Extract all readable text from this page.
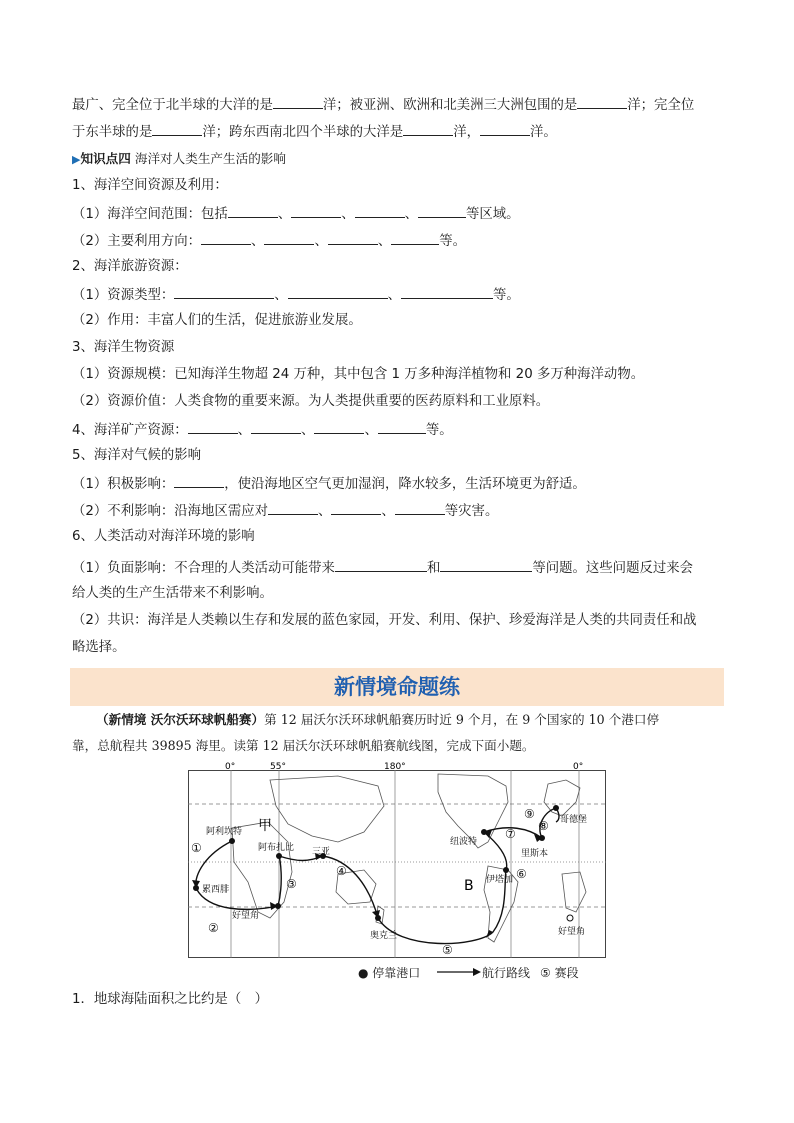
最广、完全位于北半球的大洋的是	洋；被亚洲、欧洲和北美洲三大洲包围的是	洋；完全位
于东半球的是	洋；跨东西南北四个半球的大洋是	洋，	洋。
▶知识点四 海洋对人类生产生活的影响
1、海洋空间资源及利用：
（1）海洋空间范围：包括	、	、	、	等区域。
（2）主要利用方向：	、	、	、	等。
2、海洋旅游资源：
（1）资源类型：	、	、	等。
（2）作用：丰富人们的生活，促进旅游业发展。
3、海洋生物资源
（1）资源规模：已知海洋生物超 24 万种，其中包含 1 万多种海洋植物和 20 多万种海洋动物。
（2）资源价值：人类食物的重要来源。为人类提供重要的医药原料和工业原料。
4、海洋矿产资源：	、	、	、	等。
5、海洋对气候的影响
（1）积极影响：	，使沿海地区空气更加湿润，降水较多，生活环境更为舒适。
（2）不利影响：沿海地区需应对	、	、	等灾害。
6、人类活动对海洋环境的影响
（1）负面影响：不合理的人类活动可能带来	和	等问题。这些问题反过来会
给人类的生产生活带来不利影响。
（2）共识：海洋是人类赖以生存和发展的蓝色家园，开发、利用、保护、珍爱海洋是人类的共同责任和战
略选择。
新情境命题练
（新情境 沃尔沃环球帆船赛）第 12 届沃尔沃环球帆船赛历时近 9 个月，在 9 个国家的 10 个港口停
靠，总航程共 39895 海里。读第 12 届沃尔沃环球帆船赛航线图，完成下面小题。
0°	55°	180°	0°
甲
B
阿利坎特
阿布扎比 三亚
奥克兰
伊塔加
纽波特
里斯本
哥德堡
好望角
累西腓
好望角
①
②
③
④
⑤
⑥
⑦
⑧
⑨
● 停靠港口	航行路线 ⑤ 赛段
1．地球海陆面积之比约是（　）
